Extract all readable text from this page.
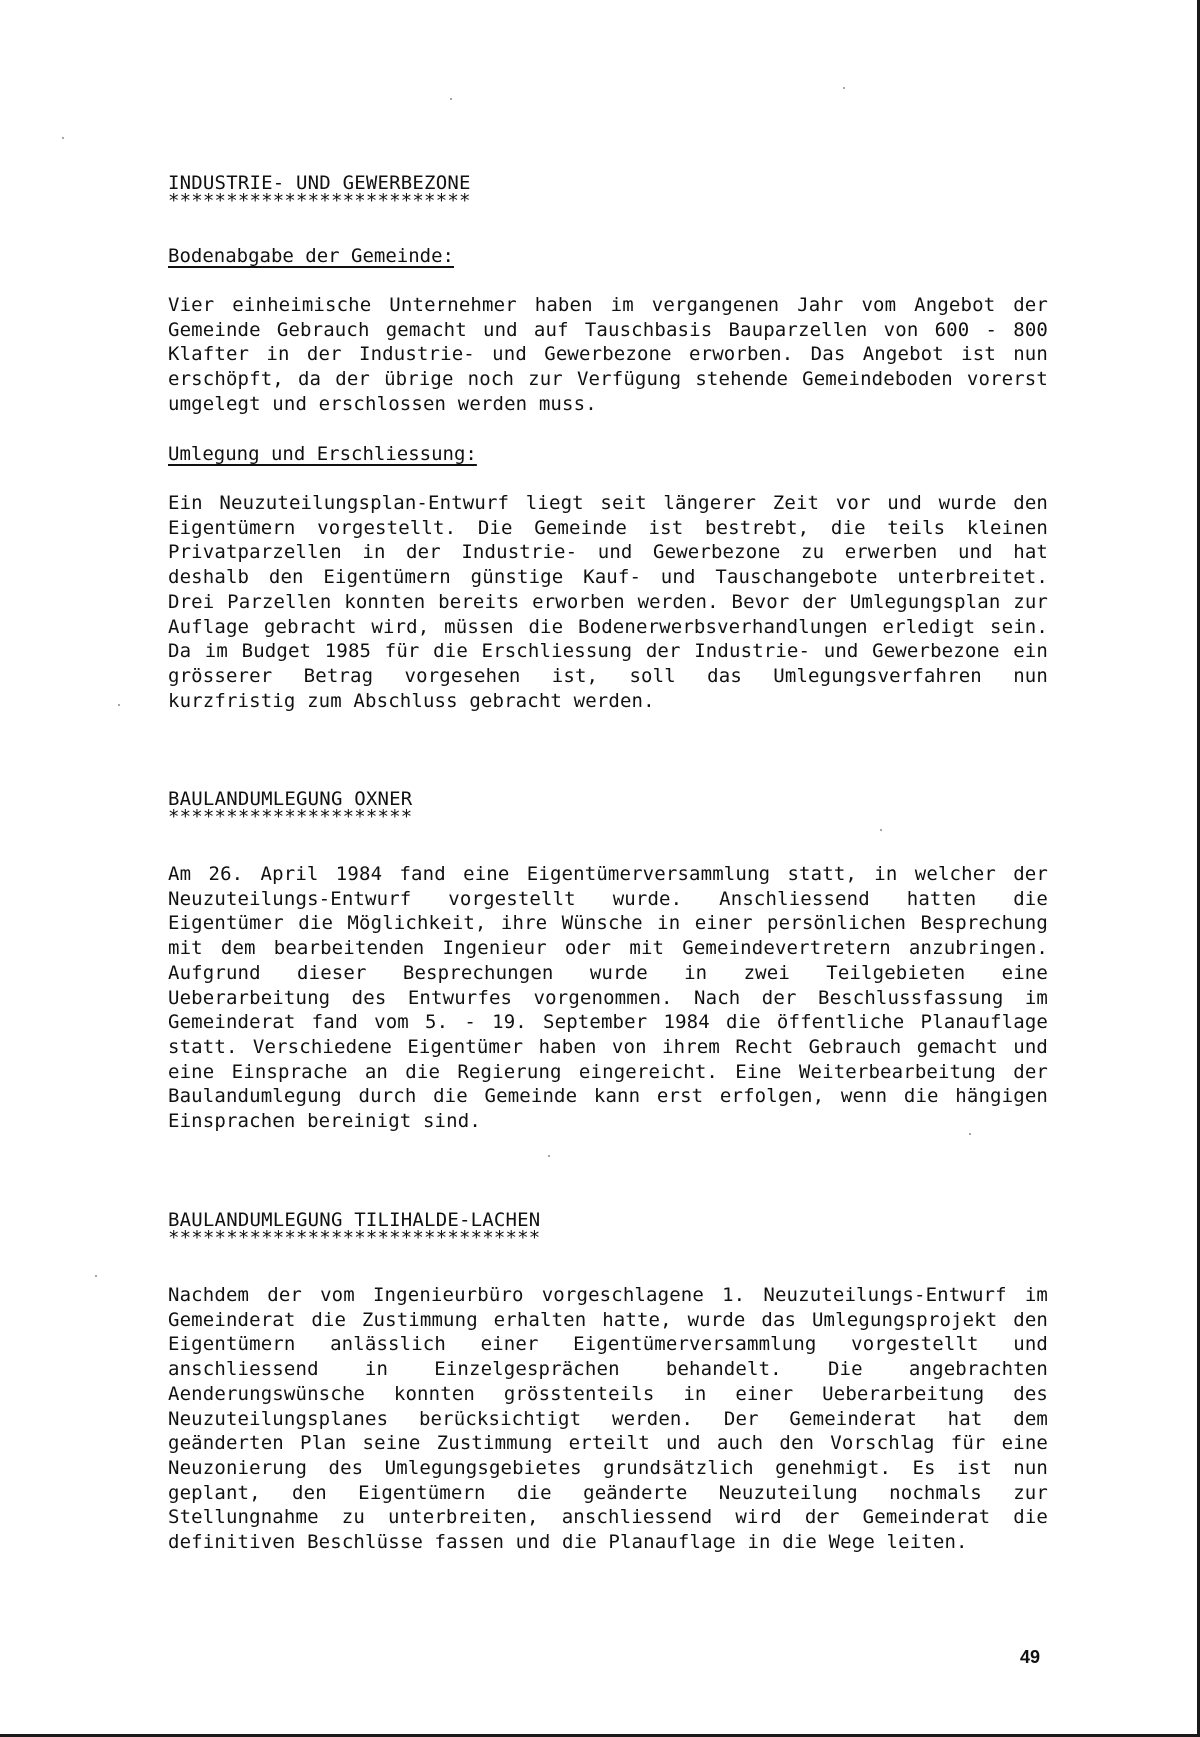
INDUSTRIE- UND GEWERBEZONE

**************************

Bodenabgabe der Gemeinde:

Vier einheimische Unternehmer haben im vergangenen Jahr vom Angebot der Gemeinde Gebrauch gemacht und auf Tauschbasis Bauparzellen von 600 - 800 Klafter in der Industrie- und Gewerbezone erworben. Das Angebot ist nun erschöpft, da der übrige noch zur Verfügung stehende Gemeindeboden vorerst umgelegt und erschlossen werden muss.

Umlegung und Erschliessung:

Ein Neuzuteilungsplan-Entwurf liegt seit längerer Zeit vor und wurde den Eigentümern vorgestellt. Die Gemeinde ist bestrebt, die teils kleinen Privatparzellen in der Industrie- und Gewerbezone zu erwerben und hat deshalb den Eigentümern günstige Kauf- und Tauschangebote unterbreitet. Drei Parzellen konnten bereits erworben werden. Bevor der Umlegungsplan zur Auflage gebracht wird, müssen die Bodenerwerbsverhandlungen erledigt sein. Da im Budget 1985 für die Erschliessung der Industrie- und Gewerbezone ein grösserer Betrag vorgesehen ist, soll das Umlegungsverfahren nun kurzfristig zum Abschluss gebracht werden.

BAULANDUMLEGUNG OXNER

*********************

Am 26. April 1984 fand eine Eigentümerversammlung statt, in welcher der Neuzuteilungs-Entwurf vorgestellt wurde. Anschliessend hatten die Eigentümer die Möglichkeit, ihre Wünsche in einer persönlichen Besprechung mit dem bearbeitenden Ingenieur oder mit Gemeindevertretern anzubringen. Aufgrund dieser Besprechungen wurde in zwei Teilgebieten eine Ueberarbeitung des Entwurfes vorgenommen. Nach der Beschlussfassung im Gemeinderat fand vom 5. - 19. September 1984 die öffentliche Planauflage statt. Verschiedene Eigentümer haben von ihrem Recht Gebrauch gemacht und eine Einsprache an die Regierung eingereicht. Eine Weiterbearbeitung der Baulandumlegung durch die Gemeinde kann erst erfolgen, wenn die hängigen Einsprachen bereinigt sind.

BAULANDUMLEGUNG TILIHALDE-LACHEN

********************************

Nachdem der vom Ingenieurbüro vorgeschlagene 1. Neuzuteilungs-Entwurf im Gemeinderat die Zustimmung erhalten hatte, wurde das Umlegungsprojekt den Eigentümern anlässlich einer Eigentümerversammlung vorgestellt und anschliessend in Einzelgesprächen behandelt. Die angebrachten Aenderungswünsche konnten grösstenteils in einer Ueberarbeitung des Neuzuteilungsplanes berücksichtigt werden. Der Gemeinderat hat dem geänderten Plan seine Zustimmung erteilt und auch den Vorschlag für eine Neuzonierung des Umlegungsgebietes grundsätzlich genehmigt. Es ist nun geplant, den Eigentümern die geänderte Neuzuteilung nochmals zur Stellungnahme zu unterbreiten, anschliessend wird der Gemeinderat die definitiven Beschlüsse fassen und die Planauflage in die Wege leiten.

49
